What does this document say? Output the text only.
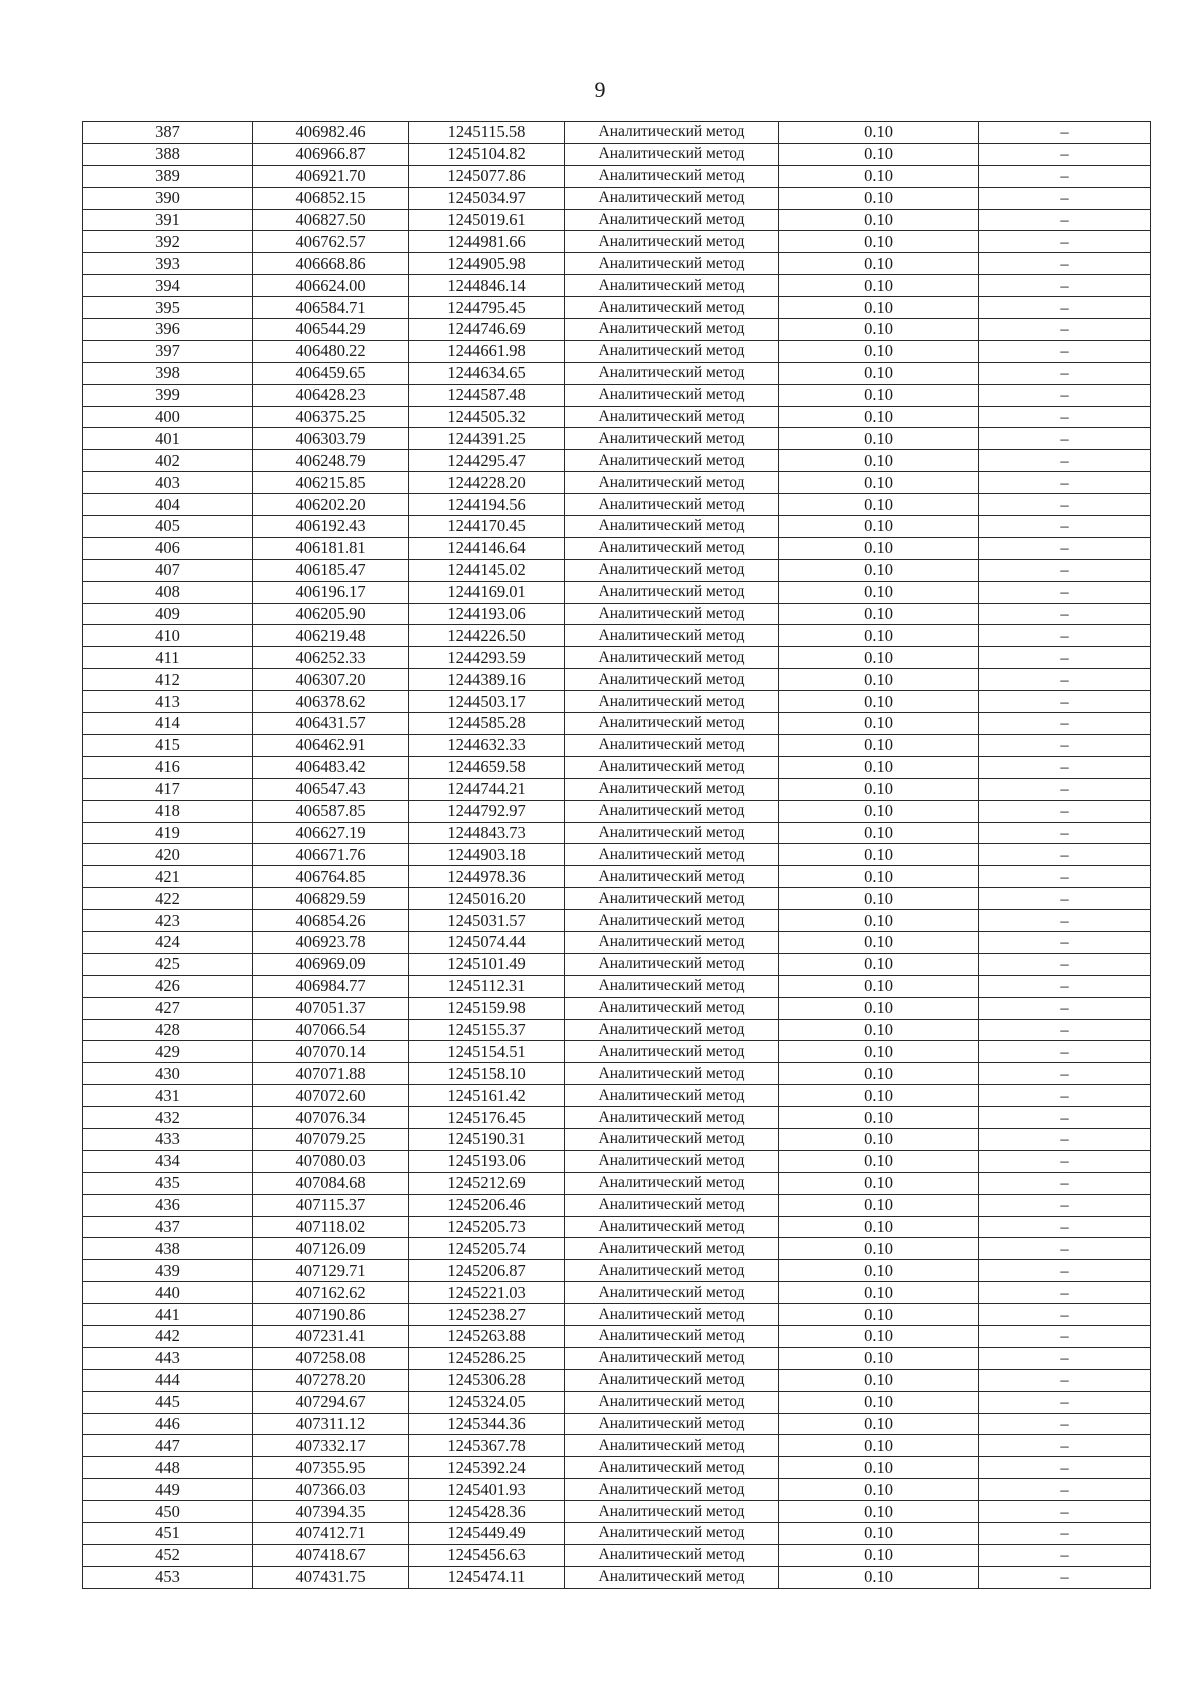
9
387	406982.46	1245115.58	Аналитический метод	0.10	–
388	406966.87	1245104.82	Аналитический метод	0.10	–
389	406921.70	1245077.86	Аналитический метод	0.10	–
390	406852.15	1245034.97	Аналитический метод	0.10	–
391	406827.50	1245019.61	Аналитический метод	0.10	–
392	406762.57	1244981.66	Аналитический метод	0.10	–
393	406668.86	1244905.98	Аналитический метод	0.10	–
394	406624.00	1244846.14	Аналитический метод	0.10	–
395	406584.71	1244795.45	Аналитический метод	0.10	–
396	406544.29	1244746.69	Аналитический метод	0.10	–
397	406480.22	1244661.98	Аналитический метод	0.10	–
398	406459.65	1244634.65	Аналитический метод	0.10	–
399	406428.23	1244587.48	Аналитический метод	0.10	–
400	406375.25	1244505.32	Аналитический метод	0.10	–
401	406303.79	1244391.25	Аналитический метод	0.10	–
402	406248.79	1244295.47	Аналитический метод	0.10	–
403	406215.85	1244228.20	Аналитический метод	0.10	–
404	406202.20	1244194.56	Аналитический метод	0.10	–
405	406192.43	1244170.45	Аналитический метод	0.10	–
406	406181.81	1244146.64	Аналитический метод	0.10	–
407	406185.47	1244145.02	Аналитический метод	0.10	–
408	406196.17	1244169.01	Аналитический метод	0.10	–
409	406205.90	1244193.06	Аналитический метод	0.10	–
410	406219.48	1244226.50	Аналитический метод	0.10	–
411	406252.33	1244293.59	Аналитический метод	0.10	–
412	406307.20	1244389.16	Аналитический метод	0.10	–
413	406378.62	1244503.17	Аналитический метод	0.10	–
414	406431.57	1244585.28	Аналитический метод	0.10	–
415	406462.91	1244632.33	Аналитический метод	0.10	–
416	406483.42	1244659.58	Аналитический метод	0.10	–
417	406547.43	1244744.21	Аналитический метод	0.10	–
418	406587.85	1244792.97	Аналитический метод	0.10	–
419	406627.19	1244843.73	Аналитический метод	0.10	–
420	406671.76	1244903.18	Аналитический метод	0.10	–
421	406764.85	1244978.36	Аналитический метод	0.10	–
422	406829.59	1245016.20	Аналитический метод	0.10	–
423	406854.26	1245031.57	Аналитический метод	0.10	–
424	406923.78	1245074.44	Аналитический метод	0.10	–
425	406969.09	1245101.49	Аналитический метод	0.10	–
426	406984.77	1245112.31	Аналитический метод	0.10	–
427	407051.37	1245159.98	Аналитический метод	0.10	–
428	407066.54	1245155.37	Аналитический метод	0.10	–
429	407070.14	1245154.51	Аналитический метод	0.10	–
430	407071.88	1245158.10	Аналитический метод	0.10	–
431	407072.60	1245161.42	Аналитический метод	0.10	–
432	407076.34	1245176.45	Аналитический метод	0.10	–
433	407079.25	1245190.31	Аналитический метод	0.10	–
434	407080.03	1245193.06	Аналитический метод	0.10	–
435	407084.68	1245212.69	Аналитический метод	0.10	–
436	407115.37	1245206.46	Аналитический метод	0.10	–
437	407118.02	1245205.73	Аналитический метод	0.10	–
438	407126.09	1245205.74	Аналитический метод	0.10	–
439	407129.71	1245206.87	Аналитический метод	0.10	–
440	407162.62	1245221.03	Аналитический метод	0.10	–
441	407190.86	1245238.27	Аналитический метод	0.10	–
442	407231.41	1245263.88	Аналитический метод	0.10	–
443	407258.08	1245286.25	Аналитический метод	0.10	–
444	407278.20	1245306.28	Аналитический метод	0.10	–
445	407294.67	1245324.05	Аналитический метод	0.10	–
446	407311.12	1245344.36	Аналитический метод	0.10	–
447	407332.17	1245367.78	Аналитический метод	0.10	–
448	407355.95	1245392.24	Аналитический метод	0.10	–
449	407366.03	1245401.93	Аналитический метод	0.10	–
450	407394.35	1245428.36	Аналитический метод	0.10	–
451	407412.71	1245449.49	Аналитический метод	0.10	–
452	407418.67	1245456.63	Аналитический метод	0.10	–
453	407431.75	1245474.11	Аналитический метод	0.10	–
